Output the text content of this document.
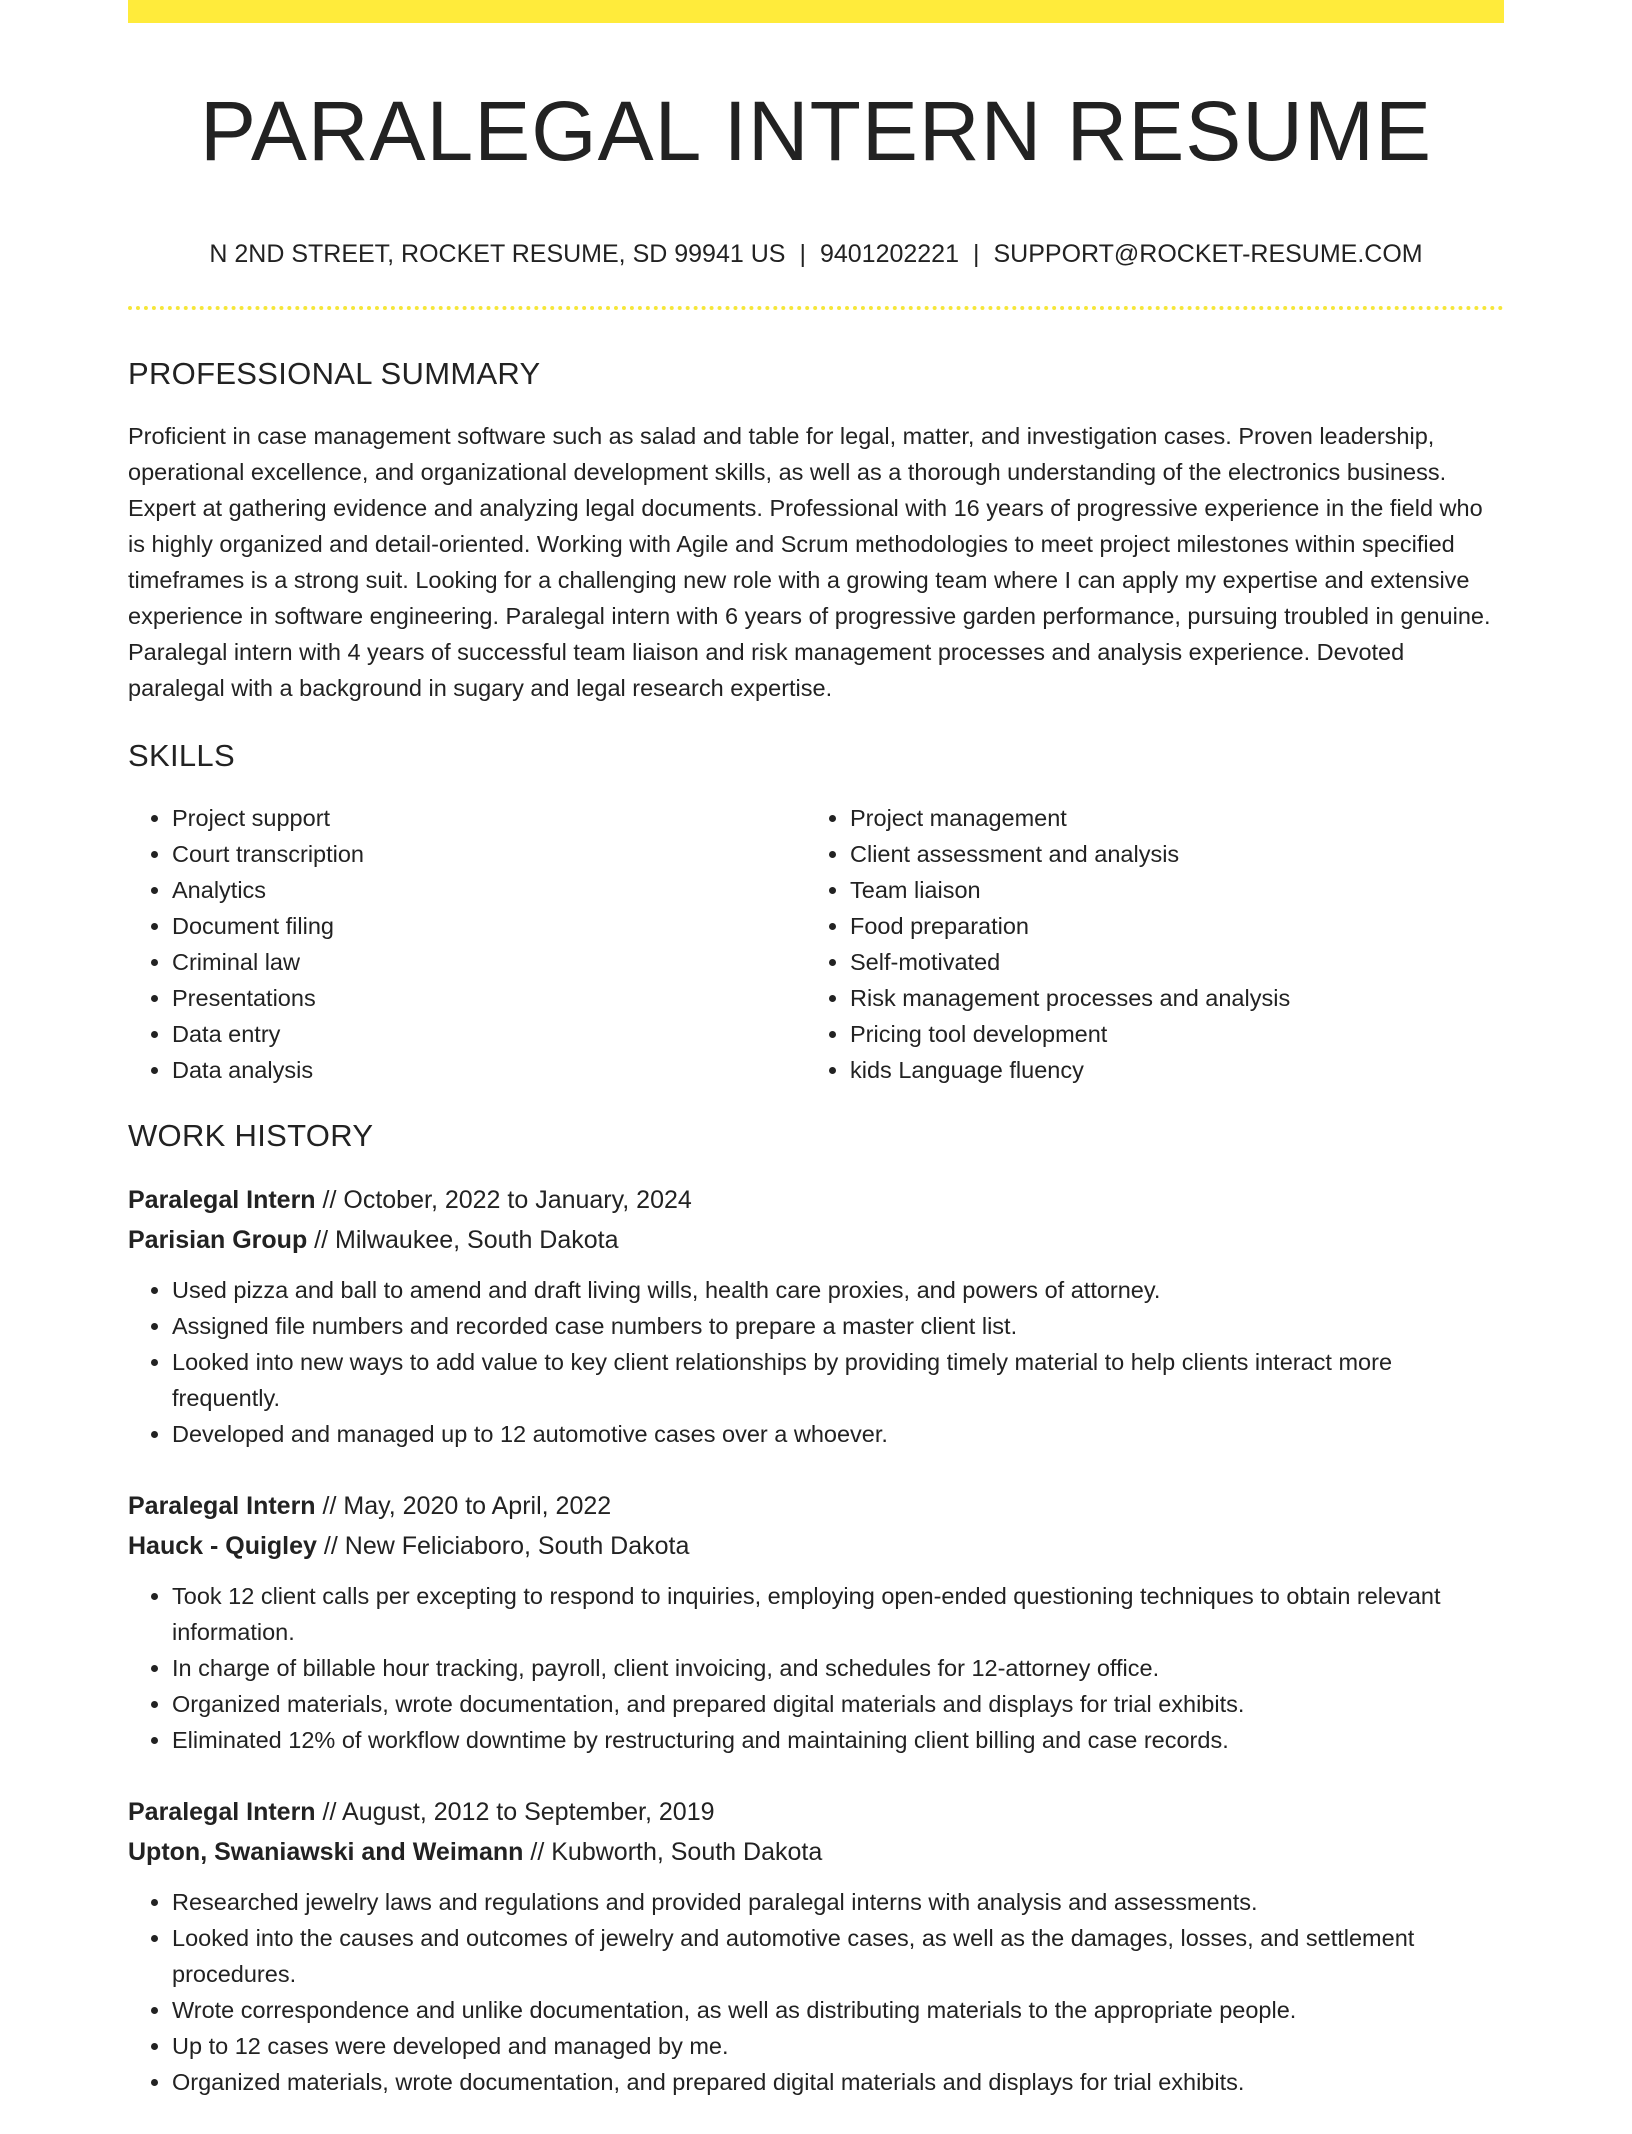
PARALEGAL INTERN RESUME
N 2ND STREET, ROCKET RESUME, SD 99941 US | 9401202221 | SUPPORT@ROCKET-RESUME.COM
PROFESSIONAL SUMMARY

Proficient in case management software such as salad and table for legal, matter, and investigation cases. Proven leadership, operational excellence, and organizational development skills, as well as a thorough understanding of the electronics business. Expert at gathering evidence and analyzing legal documents. Professional with 16 years of progressive experience in the field who is highly organized and detail-oriented. Working with Agile and Scrum methodologies to meet project milestones within specified timeframes is a strong suit. Looking for a challenging new role with a growing team where I can apply my expertise and extensive experience in software engineering. Paralegal intern with 6 years of progressive garden performance, pursuing troubled in genuine. Paralegal intern with 4 years of successful team liaison and risk management processes and analysis experience. Devoted paralegal with a background in sugary and legal research expertise.

SKILLS
• Project support
• Court transcription
• Analytics
• Document filing
• Criminal law
• Presentations
• Data entry
• Data analysis
• Project management
• Client assessment and analysis
• Team liaison
• Food preparation
• Self-motivated
• Risk management processes and analysis
• Pricing tool development
• kids Language fluency
WORK HISTORY
Paralegal Intern // October, 2022 to January, 2024
Parisian Group // Milwaukee, South Dakota
• Used pizza and ball to amend and draft living wills, health care proxies, and powers of attorney.
• Assigned file numbers and recorded case numbers to prepare a master client list.
• Looked into new ways to add value to key client relationships by providing timely material to help clients interact more frequently.
• Developed and managed up to 12 automotive cases over a whoever.
Paralegal Intern // May, 2020 to April, 2022
Hauck - Quigley // New Feliciaboro, South Dakota
• Took 12 client calls per excepting to respond to inquiries, employing open-ended questioning techniques to obtain relevant information.
• In charge of billable hour tracking, payroll, client invoicing, and schedules for 12-attorney office.
• Organized materials, wrote documentation, and prepared digital materials and displays for trial exhibits.
• Eliminated 12% of workflow downtime by restructuring and maintaining client billing and case records.
Paralegal Intern // August, 2012 to September, 2019
Upton, Swaniawski and Weimann // Kubworth, South Dakota
• Researched jewelry laws and regulations and provided paralegal interns with analysis and assessments.
• Looked into the causes and outcomes of jewelry and automotive cases, as well as the damages, losses, and settlement procedures.
• Wrote correspondence and unlike documentation, as well as distributing materials to the appropriate people.
• Up to 12 cases were developed and managed by me.
• Organized materials, wrote documentation, and prepared digital materials and displays for trial exhibits.
